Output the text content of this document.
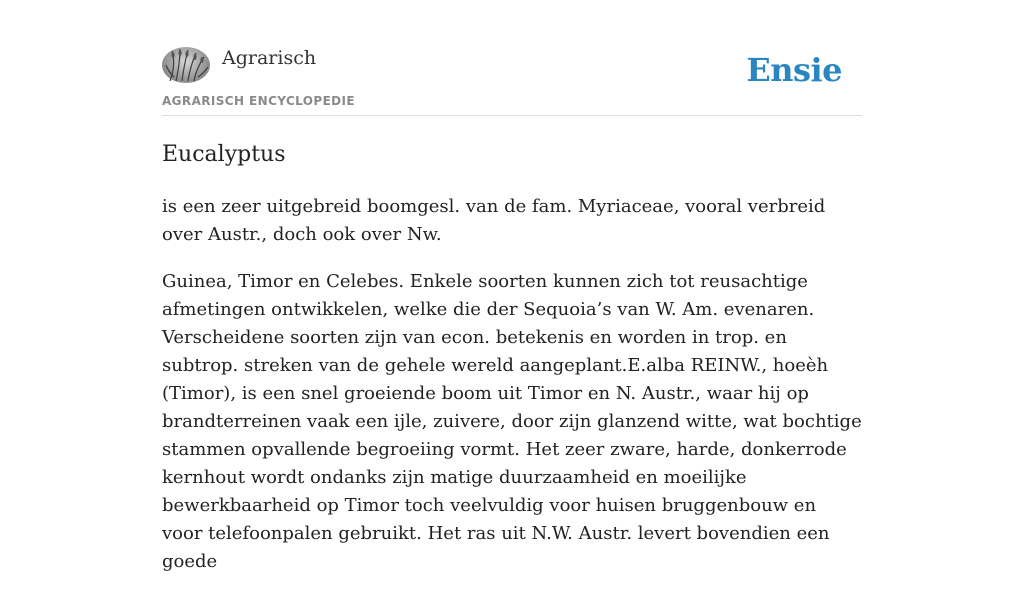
Agrarisch
AGRARISCH ENCYCLOPEDIE
Ensie
Eucalyptus

is een zeer uitgebreid boomgesl. van de fam. Myriaceae, vooral verbreid over Austr., doch ook over Nw.

Guinea, Timor en Celebes. Enkele soorten kunnen zich tot reusachtige afmetingen ontwikkelen, welke die der Sequoia’s van W. Am. evenaren. Verscheidene soorten zijn van econ. betekenis en worden in trop. en subtrop. streken van de gehele wereld aangeplant.E.alba REINW., hoeèh (Timor), is een snel groeiende boom uit Timor en N. Austr., waar hij op brandterreinen vaak een ijle, zuivere, door zijn glanzend witte, wat bochtige stammen opvallende begroeiing vormt. Het zeer zware, harde, donkerrode kernhout wordt ondanks zijn matige duurzaamheid en moeilijke bewerkbaarheid op Timor toch veelvuldig voor huisen bruggenbouw en voor telefoonpalen gebruikt. Het ras uit N.W. Austr. levert bovendien een goede
